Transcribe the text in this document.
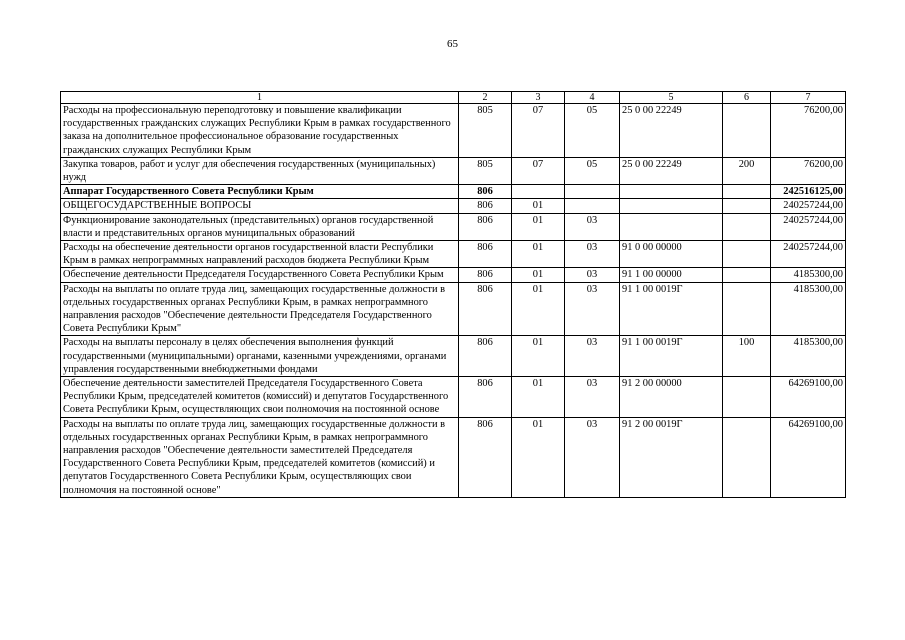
65
1	2	3	4	5	6	7
Расходы на профессиональную переподготовку и повышение квалификации государственных гражданских служащих Республики Крым в рамках государственного заказа на дополнительное профессиональное образование государственных гражданских служащих Республики Крым	805	07	05	25 0 00 22249		76200,00
Закупка товаров, работ и услуг для обеспечения государственных (муниципальных) нужд	805	07	05	25 0 00 22249	200	76200,00
Аппарат Государственного Совета Республики Крым	806					242516125,00
ОБЩЕГОСУДАРСТВЕННЫЕ ВОПРОСЫ	806	01				240257244,00
Функционирование законодательных (представительных) органов государственной власти и представительных органов муниципальных образований	806	01	03			240257244,00
Расходы на обеспечение деятельности органов государственной власти Республики Крым в рамках непрограммных направлений расходов бюджета Республики Крым	806	01	03	91 0 00 00000		240257244,00
Обеспечение деятельности Председателя Государственного Совета Республики Крым	806	01	03	91 1 00 00000		4185300,00
Расходы на выплаты по оплате труда лиц, замещающих государственные должности в отдельных государственных органах Республики Крым, в рамках непрограммного направления расходов "Обеспечение деятельности Председателя Государственного Совета Республики Крым"	806	01	03	91 1 00 0019Г		4185300,00
Расходы на выплаты персоналу в целях обеспечения выполнения функций государственными (муниципальными) органами, казенными учреждениями, органами управления государственными внебюджетными фондами	806	01	03	91 1 00 0019Г	100	4185300,00
Обеспечение деятельности заместителей Председателя Государственного Совета Республики Крым, председателей комитетов (комиссий) и депутатов Государственного Совета Республики Крым, осуществляющих свои полномочия на постоянной основе	806	01	03	91 2 00 00000		64269100,00
Расходы на выплаты по оплате труда лиц, замещающих государственные должности в отдельных государственных органах Республики Крым, в рамках непрограммного направления расходов "Обеспечение деятельности заместителей Председателя Государственного Совета Республики Крым, председателей комитетов (комиссий) и депутатов Государственного Совета Республики Крым, осуществляющих свои полномочия на постоянной основе"	806	01	03	91 2 00 0019Г		64269100,00
